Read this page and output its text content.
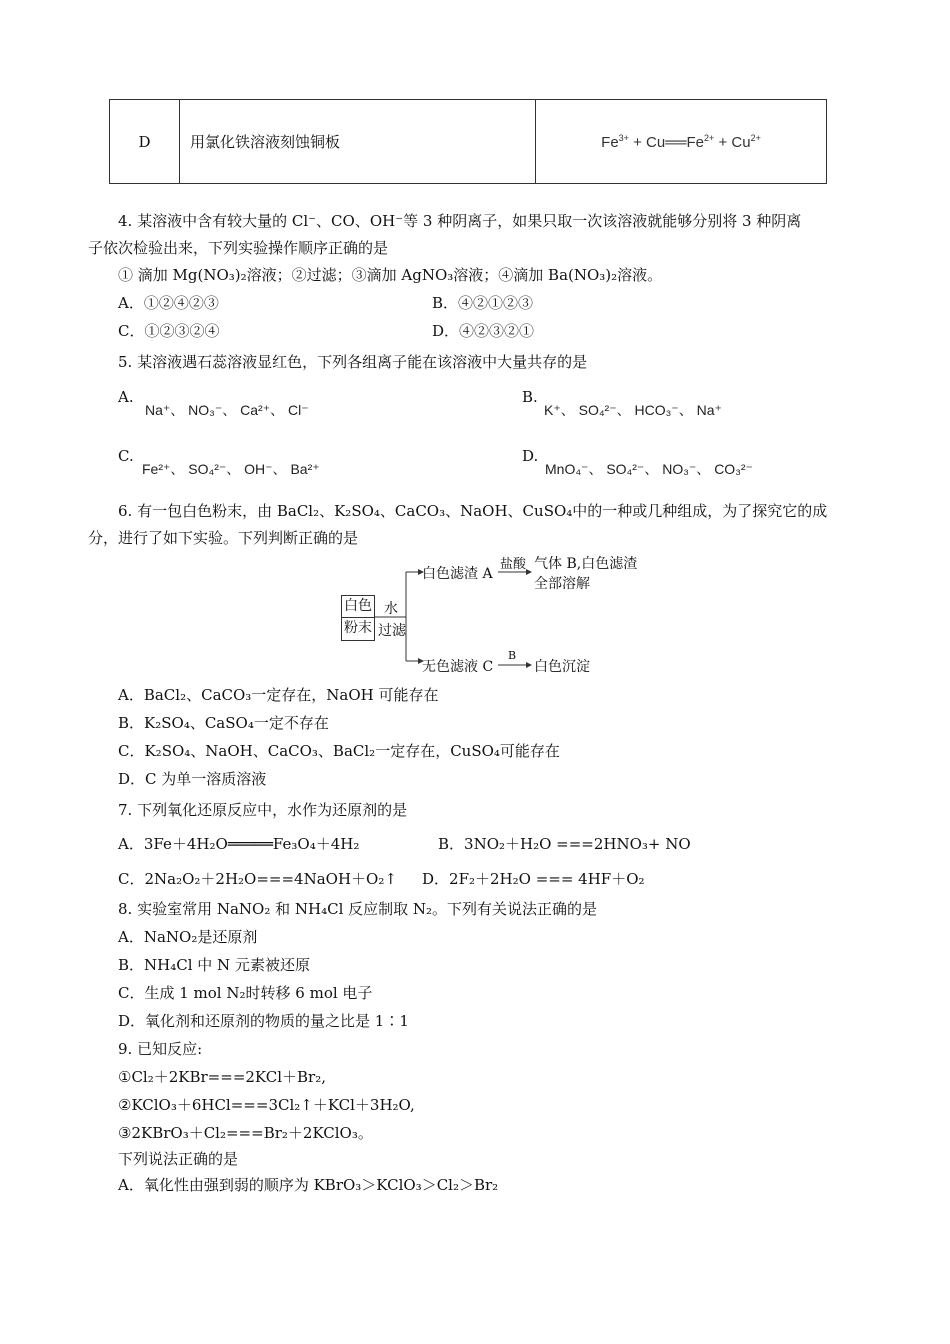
D	用氯化铁溶液刻蚀铜板	$Fe^{3+}$ + $Cu══Fe^{2+} + Cu^{2+}$
4. 某溶液中含有较大量的 Cl⁻、CO、OH⁻等 3 种阴离子，如果只取一次该溶液就能够分别将 3 种阴离
子依次检验出来，下列实验操作顺序正确的是
① 滴加 Mg(NO₃)₂溶液；②过滤；③滴加 AgNO₃溶液；④滴加 Ba(NO₃)₂溶液。
A．①②④②③	B．④②①②③
C．①②③②④	D．④②③②①
5. 某溶液遇石蕊溶液显红色，下列各组离子能在该溶液中大量共存的是
A.
Na⁺、 NO₃⁻、 Ca²⁺、 Cl⁻
B.
K⁺、 SO₄²⁻、 HCO₃⁻、 Na⁺
C.
Fe²⁺、 SO₄²⁻、 OH⁻、 Ba²⁺
D.
MnO₄⁻、 SO₄²⁻、 NO₃⁻、 CO₃²⁻
6. 有一包白色粉末，由 BaCl₂、K₂SO₄、CaCO₃、NaOH、CuSO₄中的一种或几种组成，为了探究它的成
分，进行了如下实验。下列判断正确的是
白色
粉末
水
过滤
白色滤渣 A
盐酸 气体 B,白色滤渣
全部溶解
无色滤液 C
B
白色沉淀
A．BaCl₂、CaCO₃一定存在，NaOH 可能存在
B．K₂SO₄、CaSO₄一定不存在
C．K₂SO₄、NaOH、CaCO₃、BaCl₂一定存在，CuSO₄可能存在
D．C 为单一溶质溶液
7. 下列氧化还原反应中，水作为还原剂的是
A．3Fe＋4H₂O═════Fe₃O₄＋4H₂	B．3NO₂＋H₂O ===2HNO₃+ NO
C．2Na₂O₂＋2H₂O===4NaOH＋O₂↑ D．2F₂＋2H₂O === 4HF＋O₂
8. 实验室常用 NaNO₂ 和 NH₄Cl 反应制取 N₂。下列有关说法正确的是
A．NaNO₂是还原剂
B．NH₄Cl 中 N 元素被还原
C．生成 1 mol N₂时转移 6 mol 电子
D．氧化剂和还原剂的物质的量之比是 1∶1
9. 已知反应:
①Cl₂＋2KBr===2KCl＋Br₂,
②KClO₃＋6HCl===3Cl₂↑＋KCl＋3H₂O,
③2KBrO₃＋Cl₂===Br₂＋2KClO₃。
下列说法正确的是
A．氧化性由强到弱的顺序为 KBrO₃＞KClO₃＞Cl₂＞Br₂
